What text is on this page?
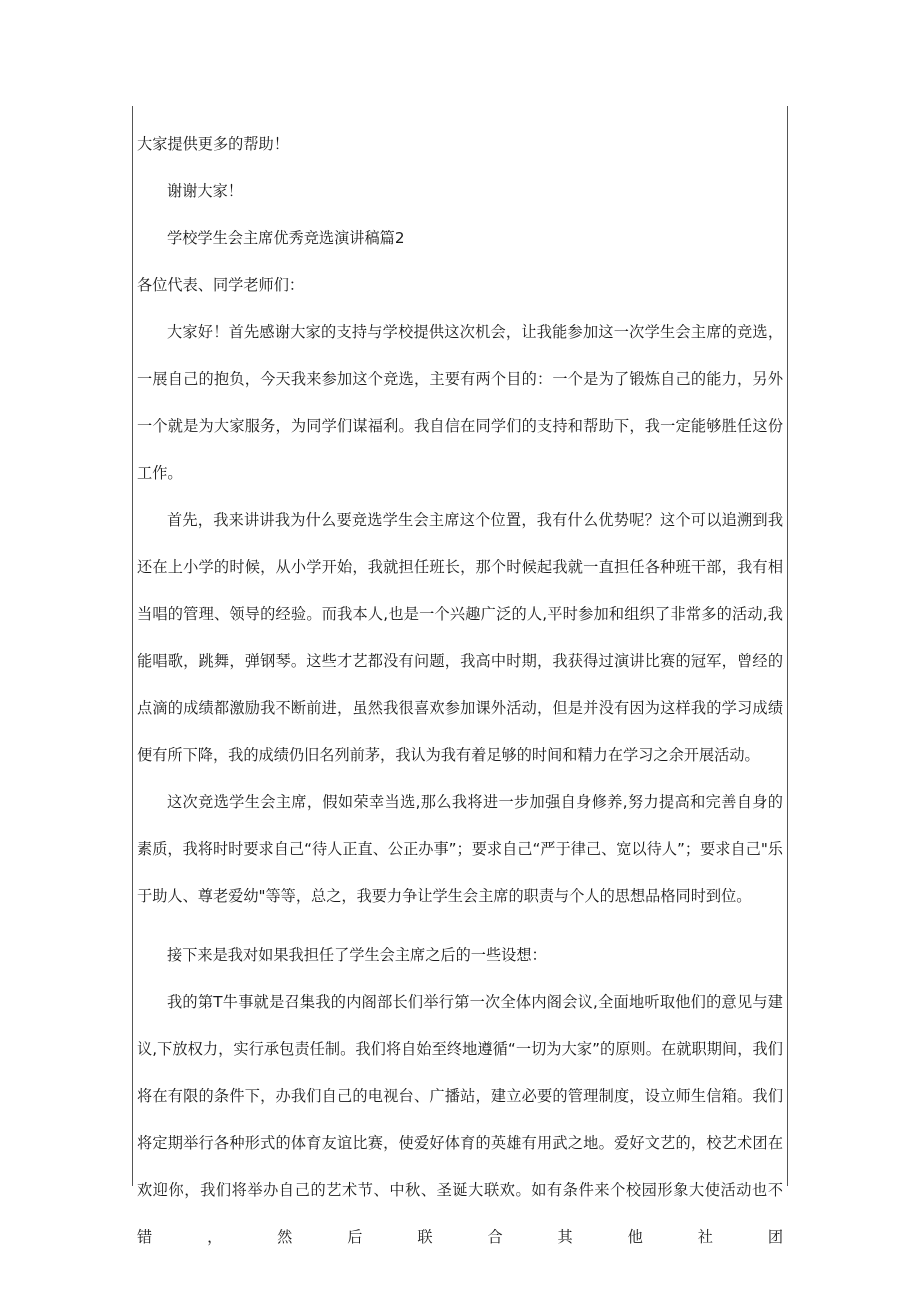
大家提供更多的帮助！

谢谢大家！

学校学生会主席优秀竞选演讲稿篇2

各位代表、同学老师们：

大家好！首先感谢大家的支持与学校提供这次机会，让我能参加这一次学生会主席的竞选，一展自己的抱负，今天我来参加这个竞选，主要有两个目的：一个是为了锻炼自己的能力，另外一个就是为大家服务，为同学们谋福利。我自信在同学们的支持和帮助下，我一定能够胜任这份工作。

首先，我来讲讲我为什么要竞选学生会主席这个位置，我有什么优势呢？这个可以追溯到我还在上小学的时候，从小学开始，我就担任班长，那个时候起我就一直担任各种班干部，我有相当唱的管理、领导的经验。而我本人,也是一个兴趣广泛的人,平时参加和组织了非常多的活动,我能唱歌，跳舞，弹钢琴。这些才艺都没有问题，我高中时期，我获得过演讲比赛的冠军，曾经的点滴的成绩都激励我不断前进，虽然我很喜欢参加课外活动，但是并没有因为这样我的学习成绩便有所下降，我的成绩仍旧名列前茅，我认为我有着足够的时间和精力在学习之余开展活动。

这次竞选学生会主席，假如荣幸当选,那么我将进一步加强自身修养,努力提高和完善自身的素质，我将时时要求自己“待人正直、公正办事”；要求自己“严于律己、宽以待人”；要求自己"乐于助人、尊老爱幼"等等，总之，我要力争让学生会主席的职责与个人的思想品格同时到位。

接下来是我对如果我担任了学生会主席之后的一些设想：

我的第T牛事就是召集我的内阁部长们举行第一次全体内阁会议,全面地听取他们的意见与建议,下放权力，实行承包责任制。我们将自始至终地遵循“一切为大家”的原则。在就职期间，我们将在有限的条件下，办我们自己的电视台、广播站，建立必要的管理制度，设立师生信箱。我们将定期举行各种形式的体育友谊比赛，使爱好体育的英雄有用武之地。爱好文艺的，校艺术团在欢迎你，我们将举办自己的艺术节、中秋、圣诞大联欢。如有条件来个校园形象大使活动也不错，然后联合其他社团
